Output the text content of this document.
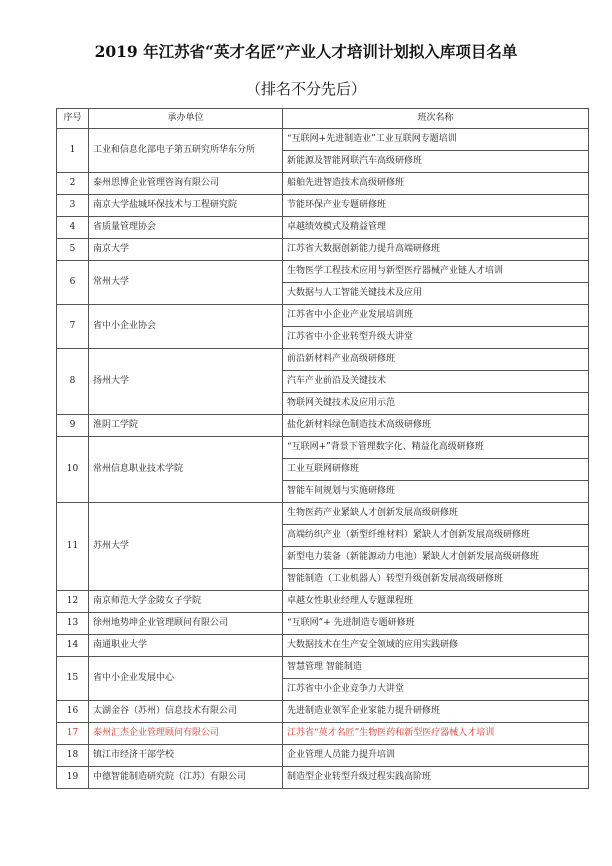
2019 年江苏省“英才名匠”产业人才培训计划拟入库项目名单
（排名不分先后）
序号	承办单位	班次名称
1	工业和信息化部电子第五研究所华东分所	“互联网+先进制造业”工业互联网专题培训
		新能源及智能网联汽车高级研修班
2	泰州思博企业管理咨询有限公司	船舶先进智造技术高级研修班
3	南京大学盐城环保技术与工程研究院	节能环保产业专题研修班
4	省质量管理协会	卓越绩效模式及精益管理
5	南京大学	江苏省大数据创新能力提升高端研修班
6	常州大学	生物医学工程技术应用与新型医疗器械产业链人才培训
		大数据与人工智能关键技术及应用
7	省中小企业协会	江苏省中小企业产业发展培训班
		江苏省中小企业转型升级大讲堂
8	扬州大学	前沿新材料产业高级研修班
		汽车产业前沿及关键技术
		物联网关键技术及应用示范
9	淮阴工学院	盐化新材料绿色制造技术高级研修班
10	常州信息职业技术学院	“互联网+”背景下管理数字化、精益化高级研修班
		工业互联网研修班
		智能车间规划与实施研修班
11	苏州大学	生物医药产业紧缺人才创新发展高级研修班
		高端纺织产业（新型纤维材料）紧缺人才创新发展高级研修班
		新型电力装备（新能源动力电池）紧缺人才创新发展高级研修班
		智能制造（工业机器人）转型升级创新发展高级研修班
12	南京师范大学金陵女子学院	卓越女性职业经理人专题课程班
13	徐州地势坤企业管理顾问有限公司	“互联网”+ 先进制造专题研修班
14	南通职业大学	大数据技术在生产安全领域的应用实践研修
15	省中小企业发展中心	智慧管理 智能制造
		江苏省中小企业竞争力大讲堂
16	太湖金谷（苏州）信息技术有限公司	先进制造业领军企业家能力提升研修班
17	泰州汇杰企业管理顾问有限公司	江苏省“英才名匠”生物医药和新型医疗器械人才培训
18	镇江市经济干部学校	企业管理人员能力提升培训
19	中德智能制造研究院（江苏）有限公司	制造型企业转型升级过程实践高阶班
